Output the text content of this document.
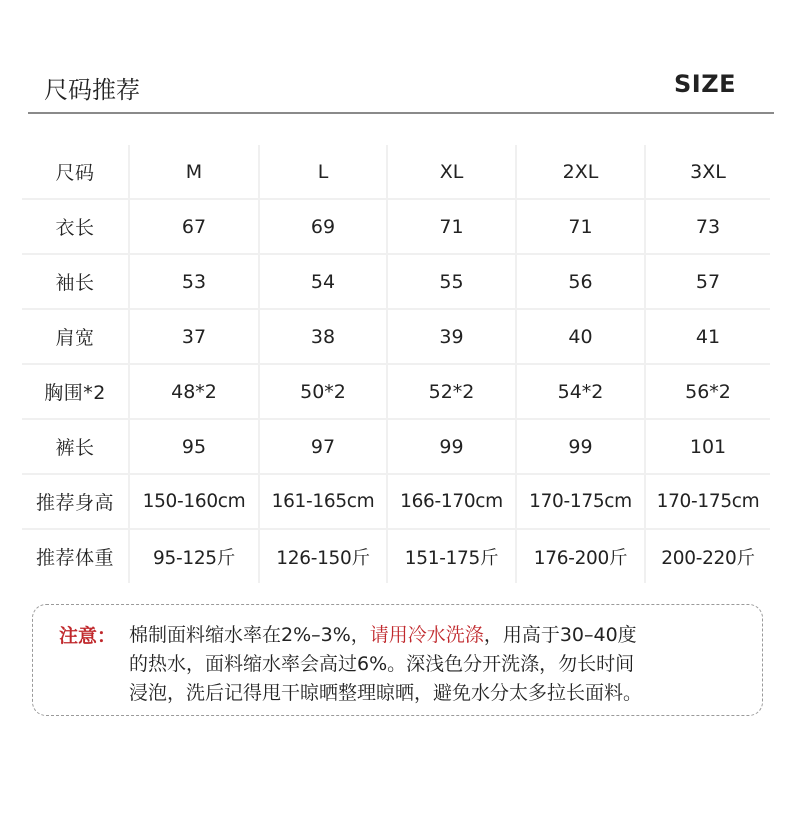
尺码推荐	SIZE
尺码	M	L	XL	2XL	3XL
衣长	67	69	71	71	73
袖长	53	54	55	56	57
肩宽	37	38	39	40	41
胸围*2	48*2	50*2	52*2	54*2	56*2
裤长	95	97	99	99	101
推荐身高	150-160cm	161-165cm	166-170cm	170-175cm	170-175cm
推荐体重	95-125斤	126-150斤	151-175斤	176-200斤	200-220斤
注意： 棉制面料缩水率在2%–3%，请用冷水洗涤，用高于30–40度
的热水，面料缩水率会高过6%。深浅色分开洗涤，勿长时间
浸泡，洗后记得甩干晾晒整理晾晒，避免水分太多拉长面料。
